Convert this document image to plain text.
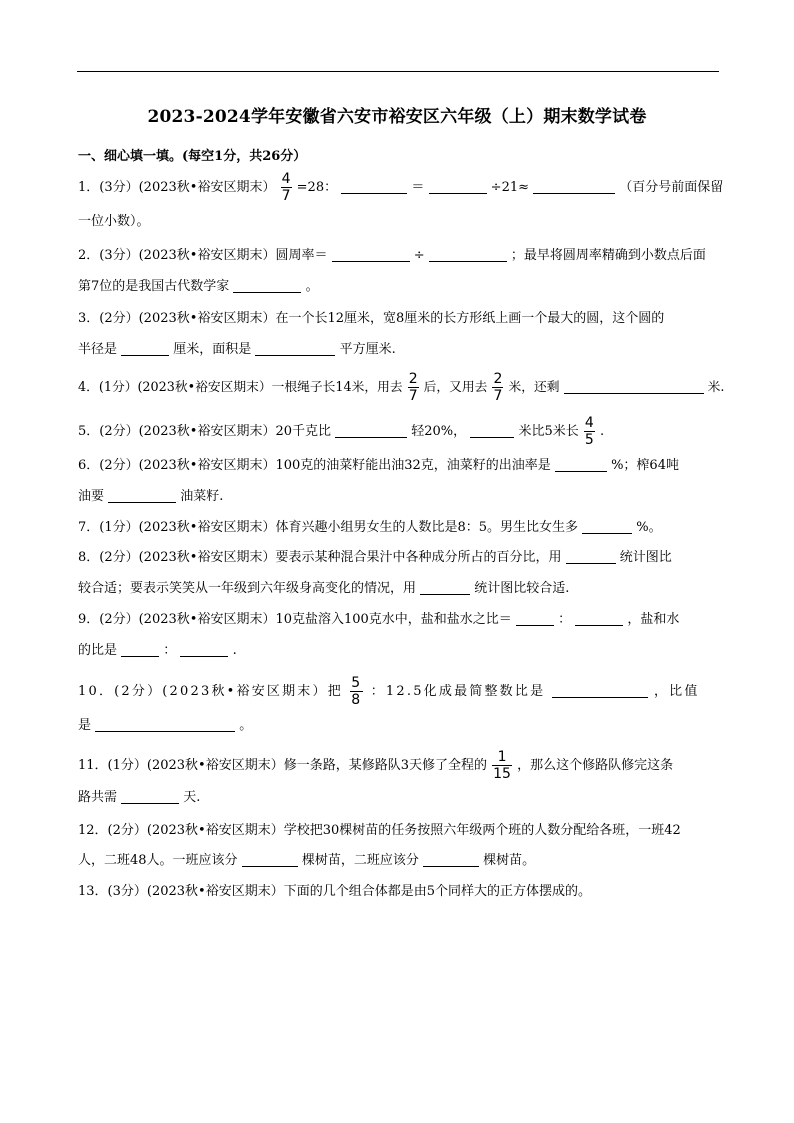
2023-2024学年安徽省六安市裕安区六年级（上）期末数学试卷
一、细心填一填。(每空1分，共26分）
1．(3分）(2023秋•裕安区期末） $\frac{4}{7} =28$：	＝	÷21≈	（百分号前面保留
一位小数）。
2．(3分）(2023秋•裕安区期末）圆周率＝	÷	；最早将圆周率精确到小数点后面
第7位的是我国古代数学家	。
3．(2分）(2023秋•裕安区期末）在一个长12厘米，宽8厘米的长方形纸上画一个最大的圆，这个圆的
半径是	厘米，面积是	平方厘米.
4．(1分）(2023秋•裕安区期末）一根绳子长14米，用去 $\frac{2}{7}$ 后，又用去 $\frac{2}{7}$ 米，还剩	米.
5．(2分）(2023秋•裕安区期末）20千克比	轻20%，	米比5米长 $\frac{4}{5}$ .
6．(2分）(2023秋•裕安区期末）100克的油菜籽能出油32克，油菜籽的出油率是	%；榨64吨
油要	油菜籽.
7．(1分）(2023秋•裕安区期末）体育兴趣小组男女生的人数比是8：5。男生比女生多	%。
8．(2分）(2023秋•裕安区期末）要表示某种混合果汁中各种成分所占的百分比，用	统计图比
较合适；要表示笑笑从一年级到六年级身高变化的情况，用	统计图比较合适.
9．(2分）(2023秋•裕安区期末）10克盐溶入100克水中，盐和盐水之比＝	：	，盐和水
的比是	：	.
10．(2分）(2023秋•裕安区期末）把 $\frac{5}{8}$ ：12.5化成最简整数比是	，比值
是	。
11．(1分）(2023秋•裕安区期末）修一条路，某修路队3天修了全程的 $\frac{1}{15}$ ，那么这个修路队修完这条
路共需	天.
12．(2分）(2023秋•裕安区期末）学校把30棵树苗的任务按照六年级两个班的人数分配给各班，一班42
人，二班48人。一班应该分	棵树苗，二班应该分	棵树苗。
13．(3分）(2023秋•裕安区期末）下面的几个组合体都是由5个同样大的正方体摆成的。
